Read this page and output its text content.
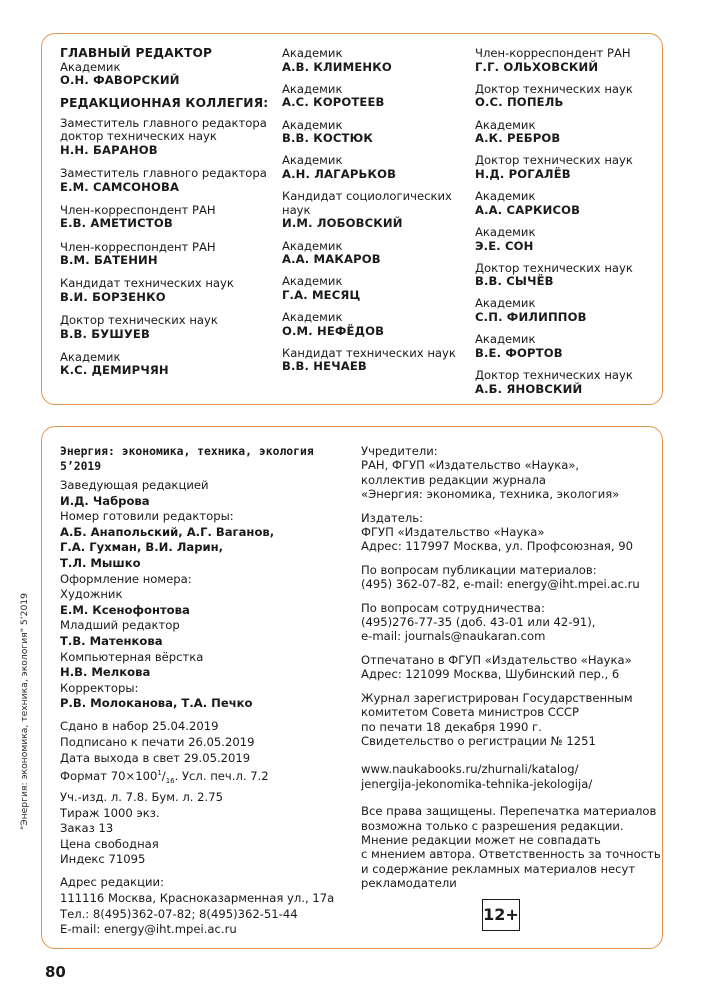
ГЛАВНЫЙ РЕДАКТОР
Академик
О.Н. ФАВОРСКИЙ
РЕДАКЦИОННАЯ КОЛЛЕГИЯ:
Заместитель главного редактора доктор технических наук
Н.Н. БАРАНОВ
Заместитель главного редактора
Е.М. САМСОНОВА
Член-корреспондент РАН
Е.В. АМЕТИСТОВ
Член-корреспондент РАН
В.М. БАТЕНИН
Кандидат технических наук
В.И. БОРЗЕНКО
Доктор технических наук
В.В. БУШУЕВ
Академик
К.С. ДЕМИРЧЯН
Академик
А.В. КЛИМЕНКО
Академик
А.С. КОРОТЕЕВ
Академик
В.В. КОСТЮК
Академик
А.Н. ЛАГАРЬКОВ
Кандидат социологических наук
И.М. ЛОБОВСКИЙ
Академик
А.А. МАКАРОВ
Академик
Г.А. МЕСЯЦ
Академик
О.М. НЕФЁДОВ
Кандидат технических наук
В.В. НЕЧАЕВ
Член-корреспондент РАН
Г.Г. ОЛЬХОВСКИЙ
Доктор технических наук
О.С. ПОПЕЛЬ
Академик
А.К. РЕБРОВ
Доктор технических наук
Н.Д. РОГАЛЁВ
Академик
А.А. САРКИСОВ
Академик
Э.Е. СОН
Доктор технических наук
В.В. СЫЧЁВ
Академик
С.П. ФИЛИППОВ
Академик
В.Е. ФОРТОВ
Доктор технических наук
А.Б. ЯНОВСКИЙ
Энергия: экономика, техника, экология
5’2019
Заведующая редакцией
И.Д. Чаброва
Номер готовили редакторы:
А.Б. Анапольский, А.Г. Ваганов,
Г.А. Гухман, В.И. Ларин,
Т.Л. Мышко
Оформление номера:
Художник
Е.М. Ксенофонтова
Младший редактор
Т.В. Матенкова
Компьютерная вёрстка
Н.В. Мелкова
Корректоры:
Р.В. Молоканова, Т.А. Печко
Сдано в набор 25.04.2019
Подписано к печати 26.05.2019
Дата выхода в свет 29.05.2019
Формат $70\times 100^1/_{16}$. Усл. печ.л. 7.2
Уч.-изд. л. 7.8. Бум. л. 2.75
Тираж 1000 экз.
Заказ 13
Цена свободная
Индекс 71095
Адрес редакции:
111116 Москва, Красноказарменная ул., 17а
Тел.: 8(495)362-07-82; 8(495)362-51-44
E-mail: energy@iht.mpei.ac.ru
Учредители:
РАН, ФГУП «Издательство «Наука»,
коллектив редакции журнала
«Энергия: экономика, техника, экология»
Издатель:
ФГУП «Издательство «Наука»
Адрес: 117997 Москва, ул. Профсоюзная, 90
По вопросам публикации материалов:
(495) 362-07-82, e-mail: energy@iht.mpei.ac.ru
По вопросам сотрудничества:
(495)276-77-35 (доб. 43-01 или 42-91),
e-mail: journals@naukaran.com
Отпечатано в ФГУП «Издательство «Наука»
Адрес: 121099 Москва, Шубинский пер., 6
Журнал зарегистрирован Государственным
комитетом Совета министров СССР
по печати 18 декабря 1990 г.
Свидетельство о регистрации № 1251
www.naukabooks.ru/zhurnali/katalog/
jenergija-jekonomika-tehnika-jekologija/
Все права защищены. Перепечатка материалов
возможна только с разрешения редакции.
Мнение редакции может не совпадать
с мнением автора. Ответственность за точность
и содержание рекламных материалов несут
рекламодатели
12+
"Энергия: экономика, техника, экология" 5’2019
80
